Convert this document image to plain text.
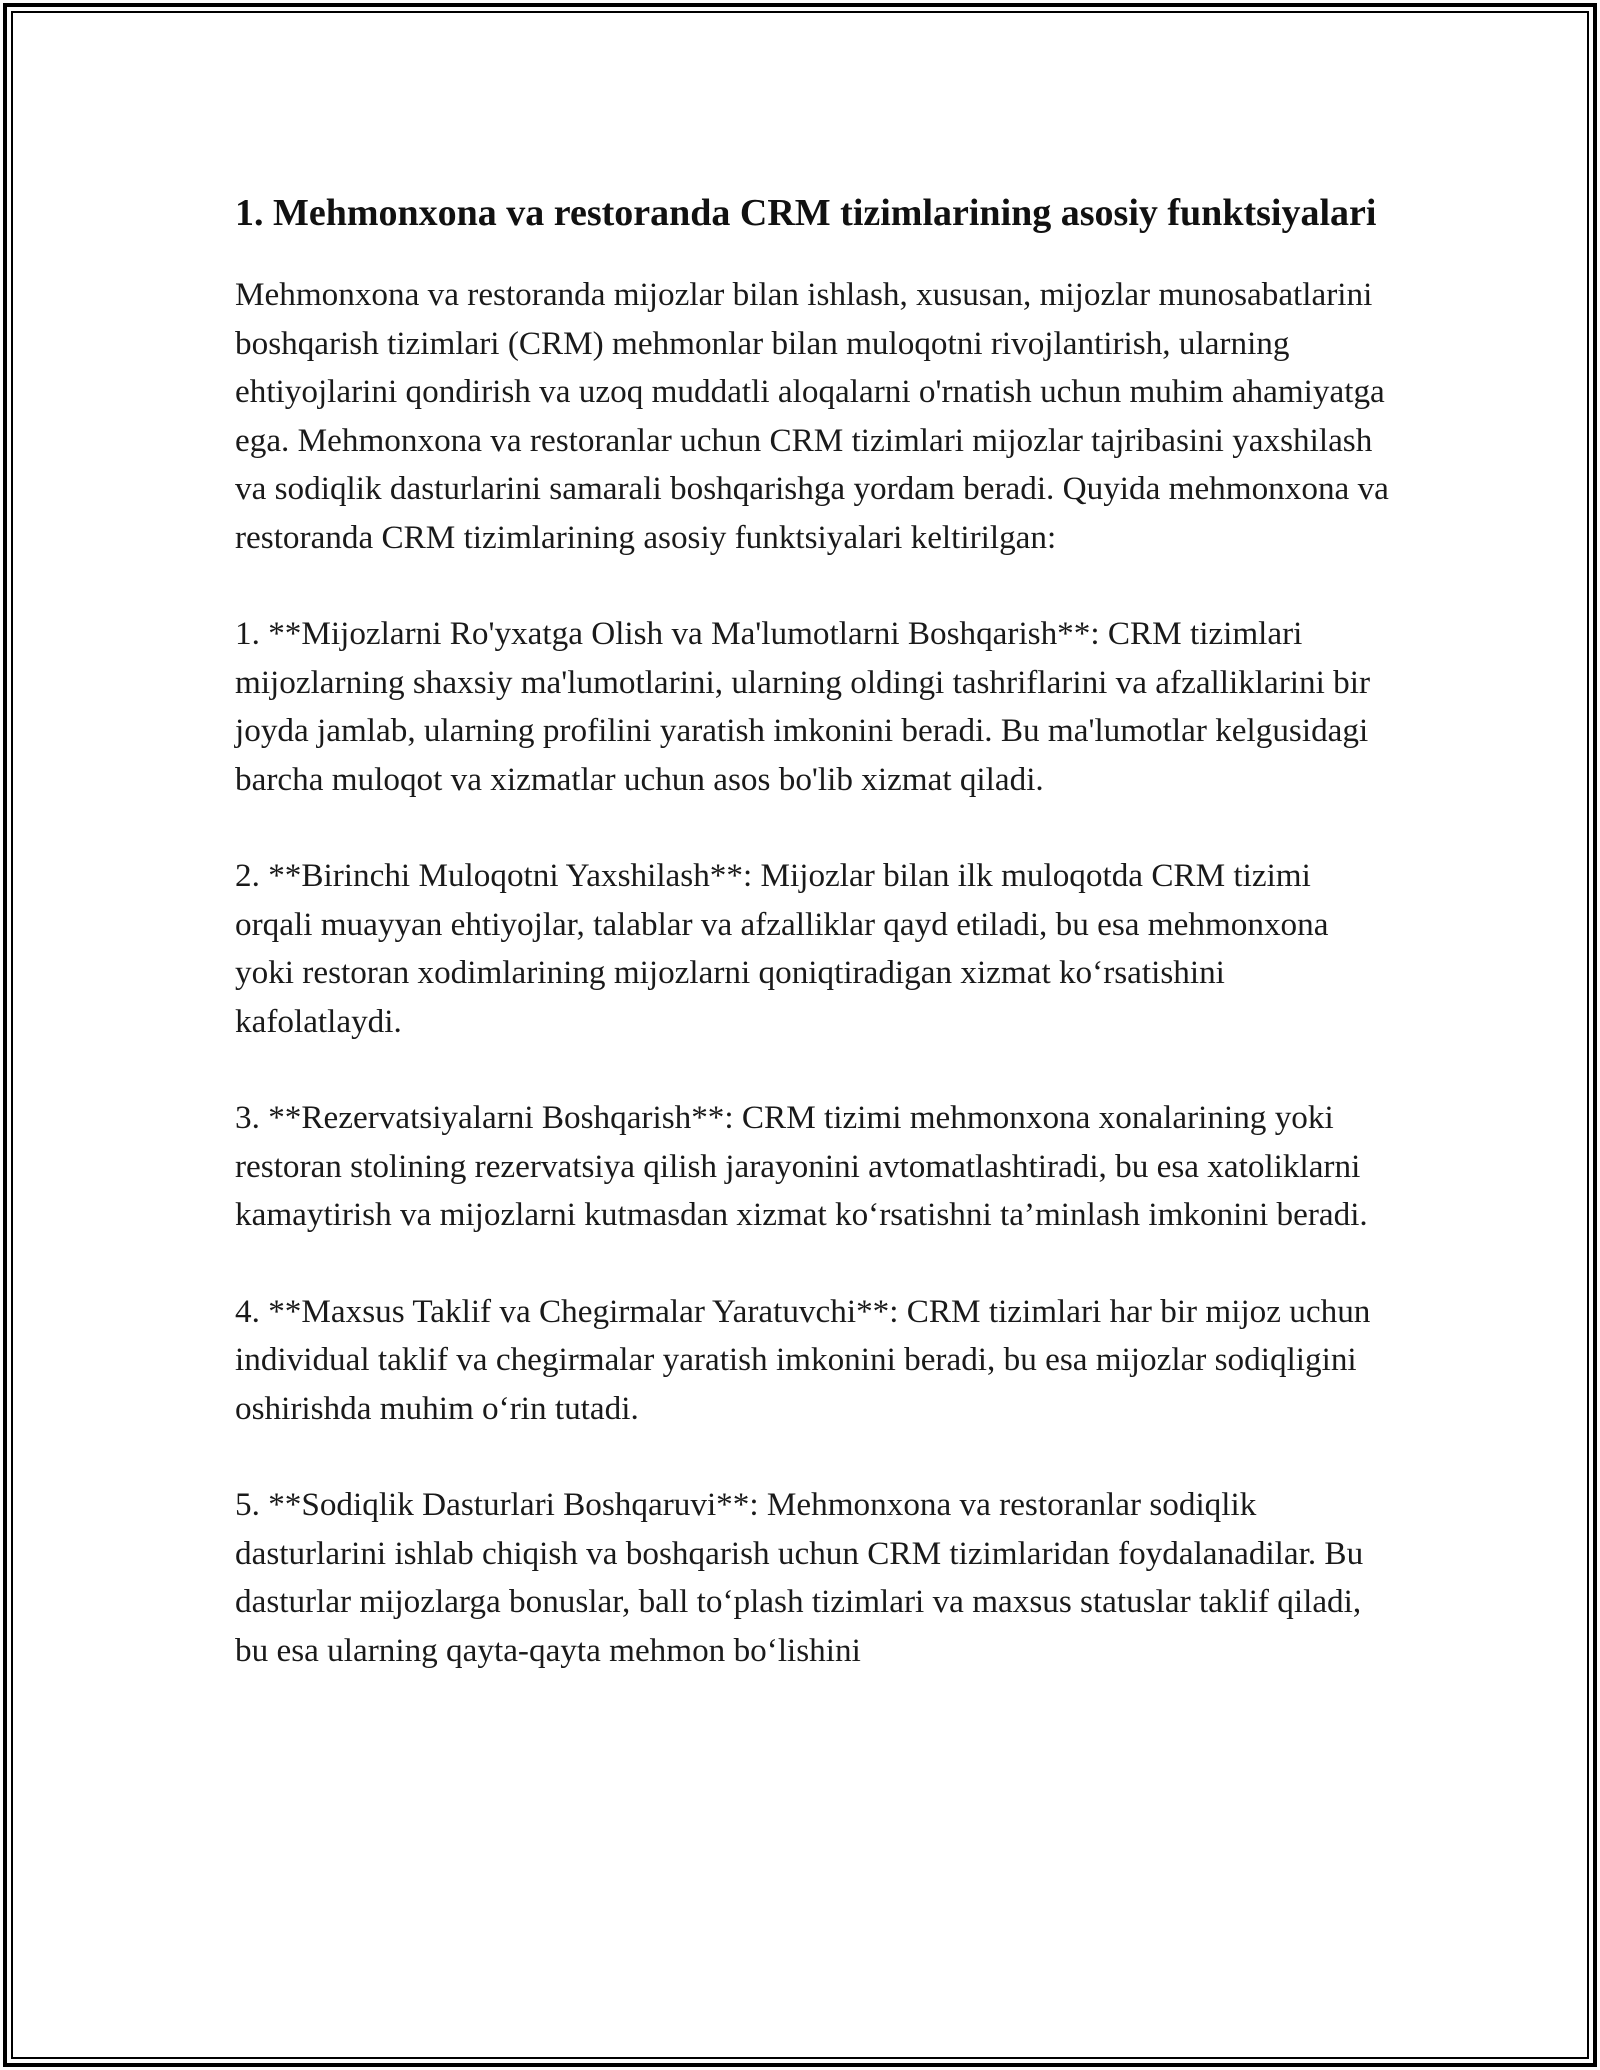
1. Mehmonxona va restoranda CRM tizimlarining asosiy funktsiyalari

Mehmonxona va restoranda mijozlar bilan ishlash, xususan, mijozlar munosabatlarini boshqarish tizimlari (CRM) mehmonlar bilan muloqotni rivojlantirish, ularning ehtiyojlarini qondirish va uzoq muddatli aloqalarni o'rnatish uchun muhim ahamiyatga ega. Mehmonxona va restoranlar uchun CRM tizimlari mijozlar tajribasini yaxshilash va sodiqlik dasturlarini samarali boshqarishga yordam beradi. Quyida mehmonxona va restoranda CRM tizimlarining asosiy funktsiyalari keltirilgan:

1. **Mijozlarni Ro'yxatga Olish va Ma'lumotlarni Boshqarish**: CRM tizimlari mijozlarning shaxsiy ma'lumotlarini, ularning oldingi tashriflarini va afzalliklarini bir joyda jamlab, ularning profilini yaratish imkonini beradi. Bu ma'lumotlar kelgusidagi barcha muloqot va xizmatlar uchun asos bo'lib xizmat qiladi.

2. **Birinchi Muloqotni Yaxshilash**: Mijozlar bilan ilk muloqotda CRM tizimi orqali muayyan ehtiyojlar, talablar va afzalliklar qayd etiladi, bu esa mehmonxona yoki restoran xodimlarining mijozlarni qoniqtiradigan xizmat ko‘rsatishini kafolatlaydi.

3. **Rezervatsiyalarni Boshqarish**: CRM tizimi mehmonxona xonalarining yoki restoran stolining rezervatsiya qilish jarayonini avtomatlashtiradi, bu esa xatoliklarni kamaytirish va mijozlarni kutmasdan xizmat ko‘rsatishni ta’minlash imkonini beradi.

4. **Maxsus Taklif va Chegirmalar Yaratuvchi**: CRM tizimlari har bir mijoz uchun individual taklif va chegirmalar yaratish imkonini beradi, bu esa mijozlar sodiqligini oshirishda muhim o‘rin tutadi.

5. **Sodiqlik Dasturlari Boshqaruvi**: Mehmonxona va restoranlar sodiqlik dasturlarini ishlab chiqish va boshqarish uchun CRM tizimlaridan foydalanadilar. Bu dasturlar mijozlarga bonuslar, ball to‘plash tizimlari va maxsus statuslar taklif qiladi, bu esa ularning qayta-qayta mehmon bo‘lishini
